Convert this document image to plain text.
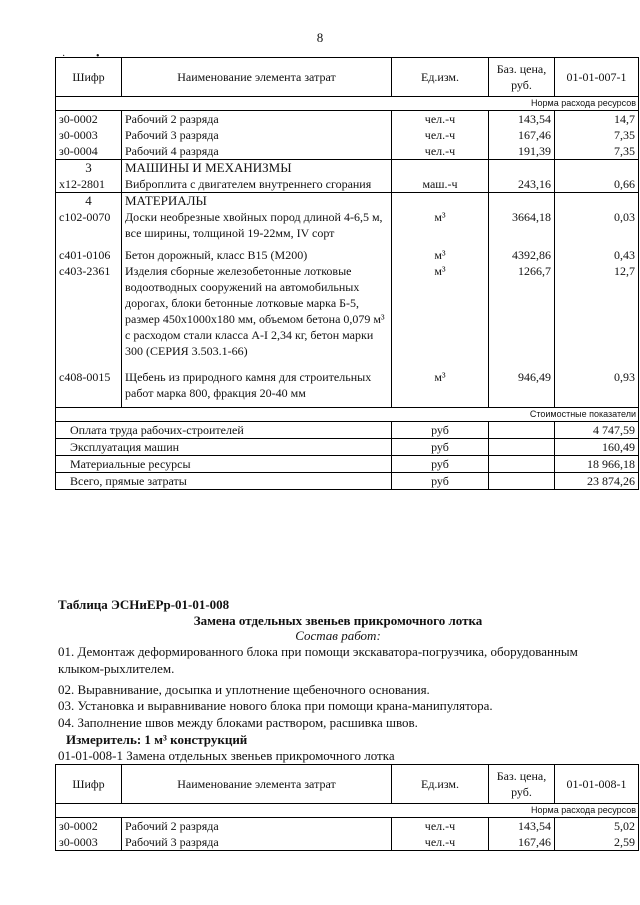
8
·	•
Шифр	Наименование элемента затрат	Ед.изм.	Баз. цена, руб.	01-01-007-1
Норма расхода ресурсов				
з0-0002	Рабочий 2 разряда	чел.-ч	143,54	14,7
з0-0003	Рабочий 3 разряда	чел.-ч	167,46	7,35
з0-0004	Рабочий 4 разряда	чел.-ч	191,39	7,35
3	МАШИНЫ И МЕХАНИЗМЫ			
х12-2801	Виброплита с двигателем внутреннего сгорания	маш.-ч	243,16	0,66
4	МАТЕРИАЛЫ			
с102-0070	Доски необрезные хвойных пород длиной 4-6,5 м, все ширины, толщиной 19-22мм, IV сорт	м³	3664,18	0,03

с401-0106	Бетон дорожный, класс В15 (М200)	м³	4392,86	0,43
с403-2361	Изделия сборные железобетонные лотковые водоотводных сооружений на автомобильных дорогах, блоки бетонные лотковые марка Б-5, размер 450х1000х180 мм, объемом бетона 0,079 м³ с расходом стали класса А-I 2,34 кг, бетон марки 300 (СЕРИЯ 3.503.1-66)	м³	1266,7	12,7

с408-0015	Щебень из природного камня для строительных работ марка 800, фракция 20-40 мм	м³	946,49	0,93

Стоимостные показатели				
Оплата труда рабочих-строителей		руб		4 747,59
Эксплуатация машин		руб		160,49
Материальные ресурсы		руб		18 966,18
Всего, прямые затраты		руб		23 874,26
Таблица ЭСНиЕРр-01-01-008
Замена отдельных звеньев прикромочного лотка
Состав работ:
01. Демонтаж деформированного блока при помощи экскаватора-погрузчика, оборудованным клыком-рыхлителем.
02. Выравнивание, досыпка и уплотнение щебеночного основания.
03. Установка и выравнивание нового блока при помощи крана-манипулятора.
04. Заполнение швов между блоками раствором, расшивка швов.
Измеритель: 1 м³ конструкций
01-01-008-1 Замена отдельных звеньев прикромочного лотка
Шифр	Наименование элемента затрат	Ед.изм.	Баз. цена, руб.	01-01-008-1
Норма расхода ресурсов				
з0-0002	Рабочий 2 разряда	чел.-ч	143,54	5,02
з0-0003	Рабочий 3 разряда	чел.-ч	167,46	2,59
